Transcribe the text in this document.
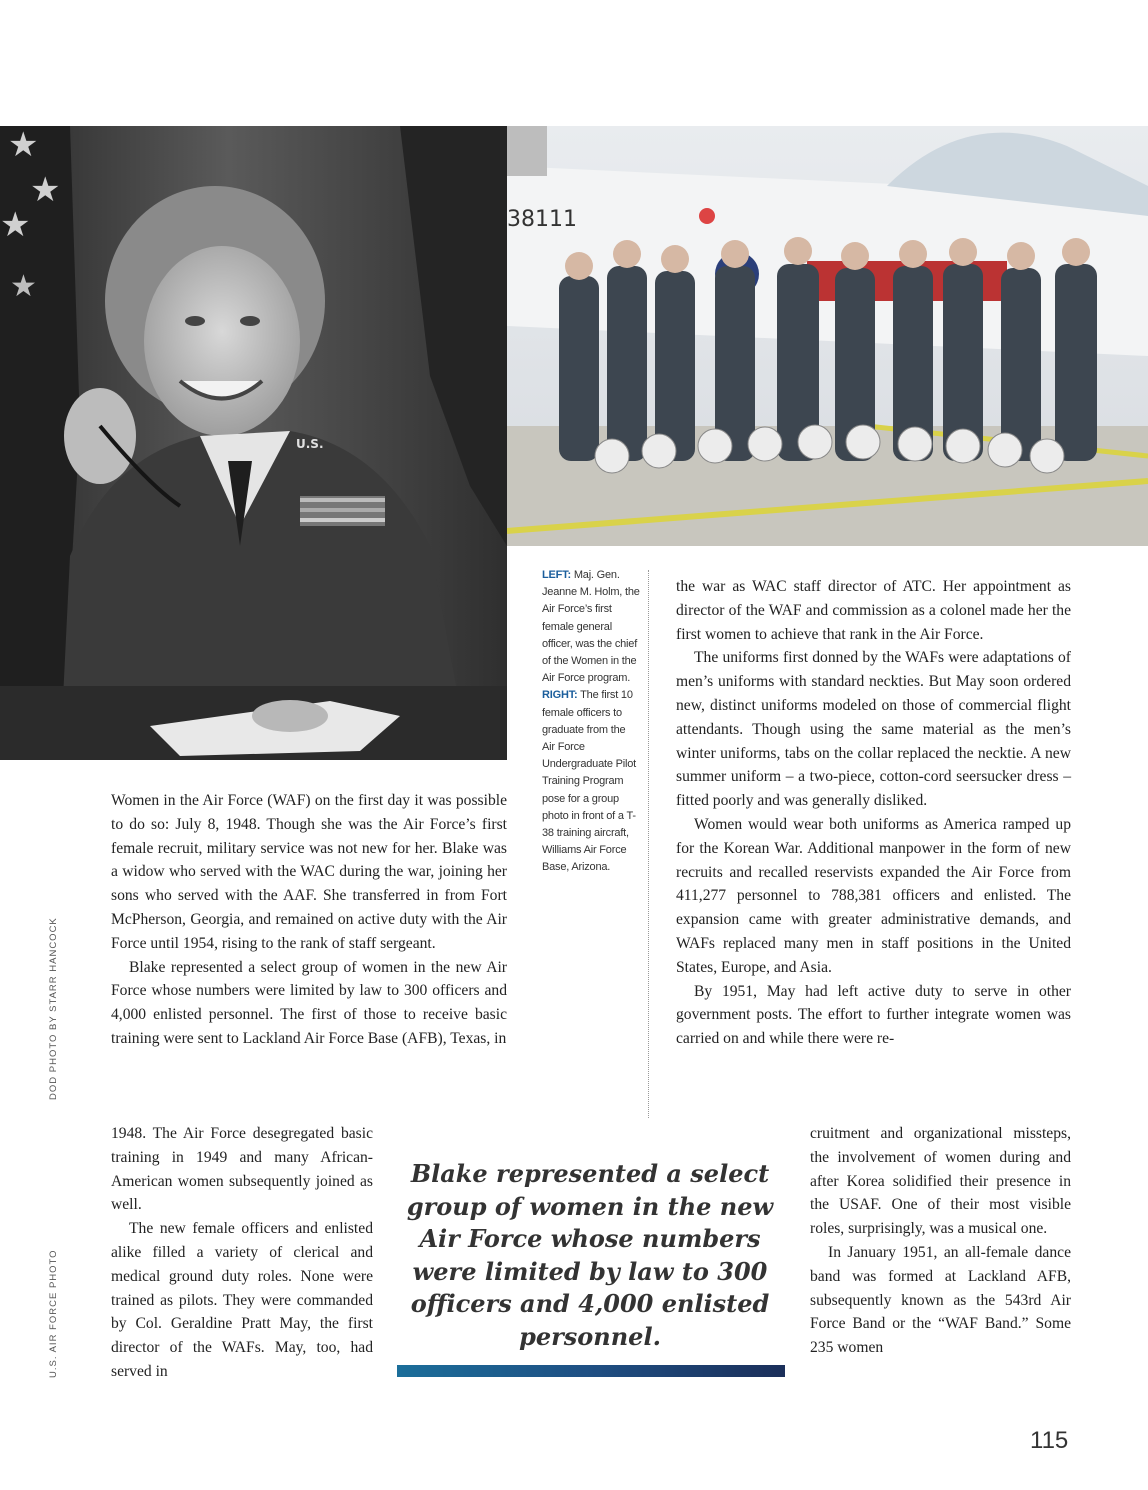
★
★
★
★
U.S.
38111
LEFT: Maj. Gen. Jeanne M. Holm, the Air Force’s first female general officer, was the chief of the Women in the Air Force program.
RIGHT: The first 10 female officers to graduate from the Air Force Undergraduate Pilot Training Program pose for a group photo in front of a T-38 training aircraft, Williams Air Force Base, Arizona.
DOD PHOTO BY STARR HANCOCK
U.S. AIR FORCE PHOTO

Women in the Air Force (WAF) on the first day it was possible to do so: July 8, 1948. Though she was the Air Force’s first female recruit, military service was not new for her. Blake was a widow who served with the WAC during the war, joining her sons who served with the AAF. She transferred in from Fort McPherson, Georgia, and remained on active duty with the Air Force until 1954, rising to the rank of staff sergeant.

Blake represented a select group of women in the new Air Force whose numbers were limited by law to 300 officers and 4,000 enlisted personnel. The first of those to receive basic training were sent to Lackland Air Force Base (AFB), Texas, in

1948. The Air Force desegregated basic training in 1949 and many African-American women subsequently joined as well.

The new female officers and enlisted alike filled a variety of clerical and medical ground duty roles. None were trained as pilots. They were commanded by Col. Geraldine Pratt May, the first director of the WAFs. May, too, had served in

the war as WAC staff director of ATC. Her appointment as director of the WAF and commission as a colonel made her the first women to achieve that rank in the Air Force.

The uniforms first donned by the WAFs were adaptations of men’s uniforms with standard neckties. But May soon ordered new, distinct uniforms modeled on those of commercial flight attendants. Though using the same material as the men’s winter uniforms, tabs on the collar replaced the necktie. A new summer uniform – a two-piece, cotton-cord seersucker dress – fitted poorly and was generally disliked.

Women would wear both uniforms as America ramped up for the Korean War. Additional manpower in the form of new recruits and recalled reservists expanded the Air Force from 411,277 personnel to 788,381 officers and enlisted. The expansion came with greater administrative demands, and WAFs replaced many men in staff positions in the United States, Europe, and Asia.

By 1951, May had left active duty to serve in other government posts. The effort to further integrate women was carried on and while there were re-

cruitment and organizational missteps, the involvement of women during and after Korea solidified their presence in the USAF. One of their most visible roles, surprisingly, was a musical one.

In January 1951, an all-female dance band was formed at Lackland AFB, subsequently known as the 543rd Air Force Band or the “WAF Band.” Some 235 women

Blake represented a select group of women in the new Air Force whose numbers were limited by law to 300 officers and 4,000 enlisted personnel.
115
